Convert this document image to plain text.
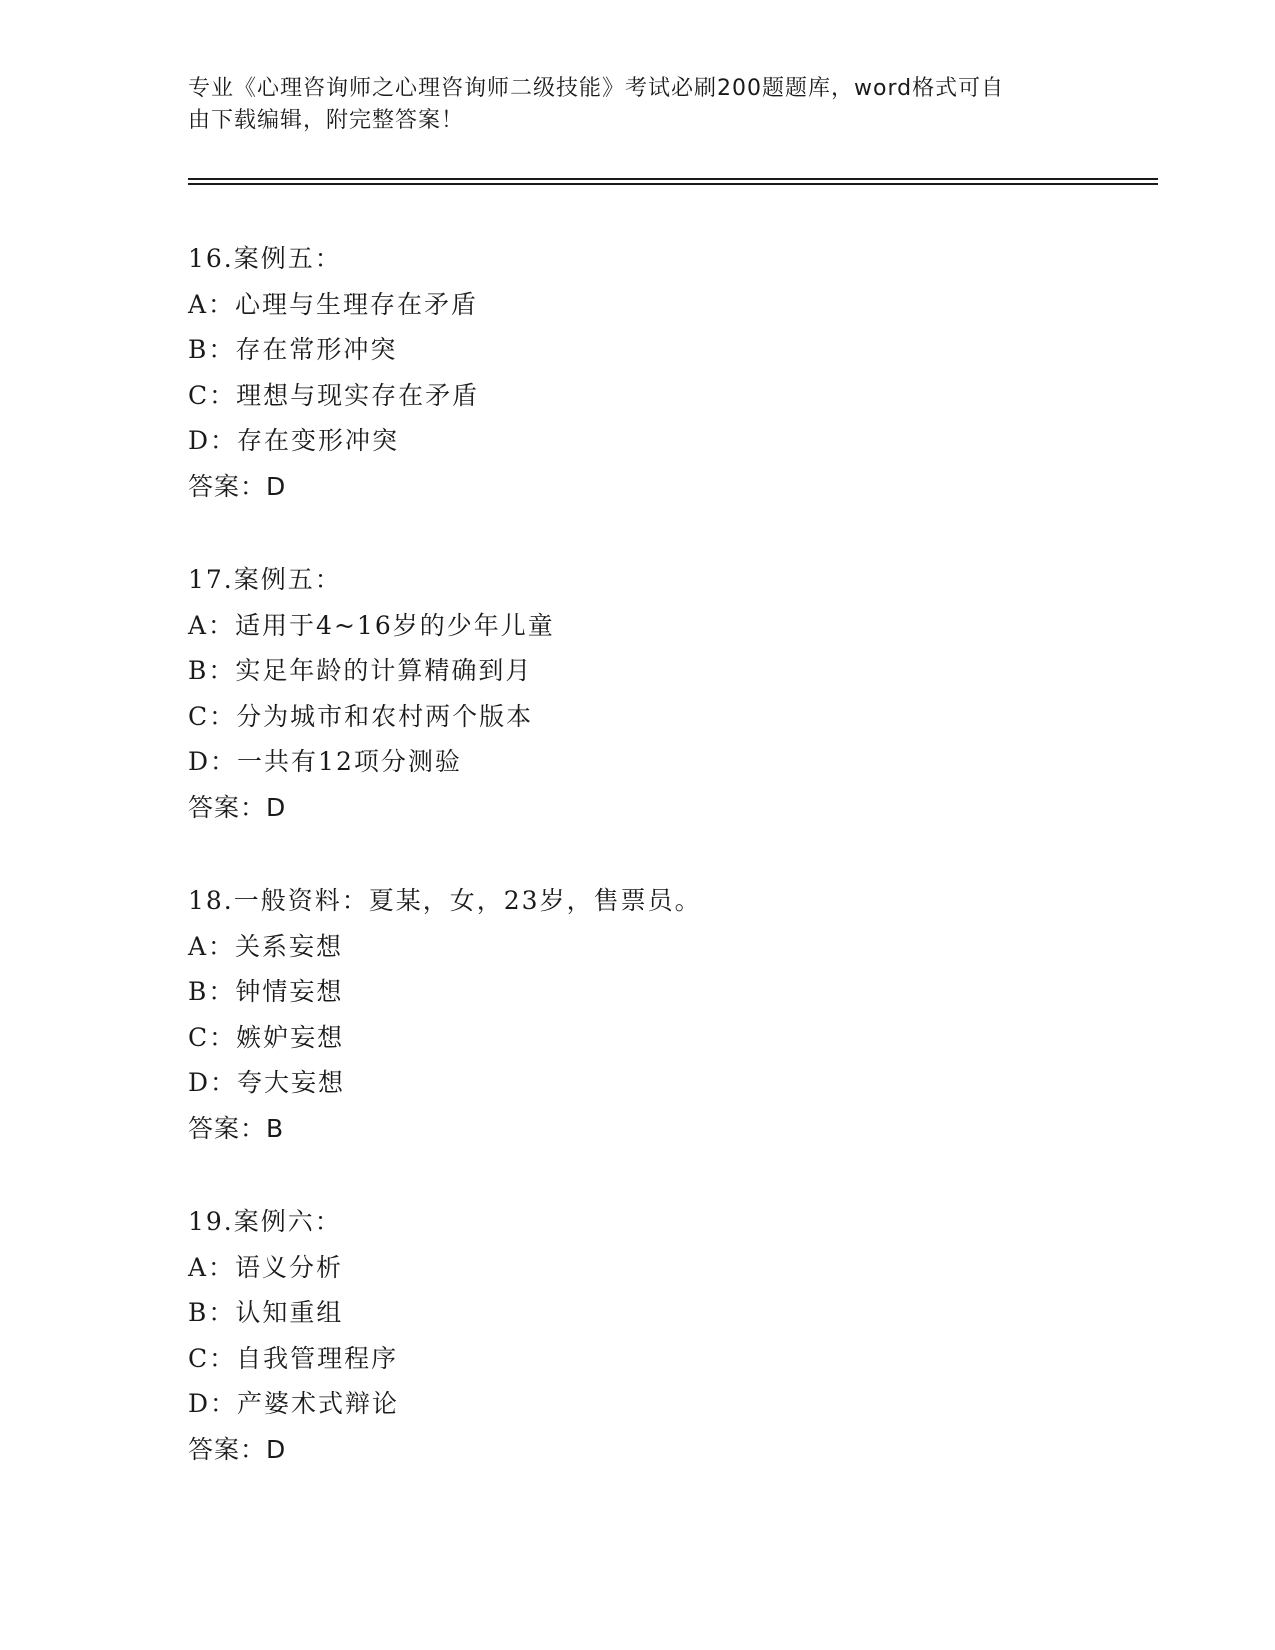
专业《心理咨询师之心理咨询师二级技能》考试必刷200题题库，word格式可自
由下载编辑，附完整答案！
16.案例五：
A：心理与生理存在矛盾
B：存在常形冲突
C：理想与现实存在矛盾
D：存在变形冲突
答案：D
17.案例五：
A：适用于4~16岁的少年儿童
B：实足年龄的计算精确到月
C：分为城市和农村两个版本
D：一共有12项分测验
答案：D
18.一般资料：夏某，女，23岁，售票员。
A：关系妄想
B：钟情妄想
C：嫉妒妄想
D：夸大妄想
答案：B
19.案例六：
A：语义分析
B：认知重组
C：自我管理程序
D：产婆术式辩论
答案：D
